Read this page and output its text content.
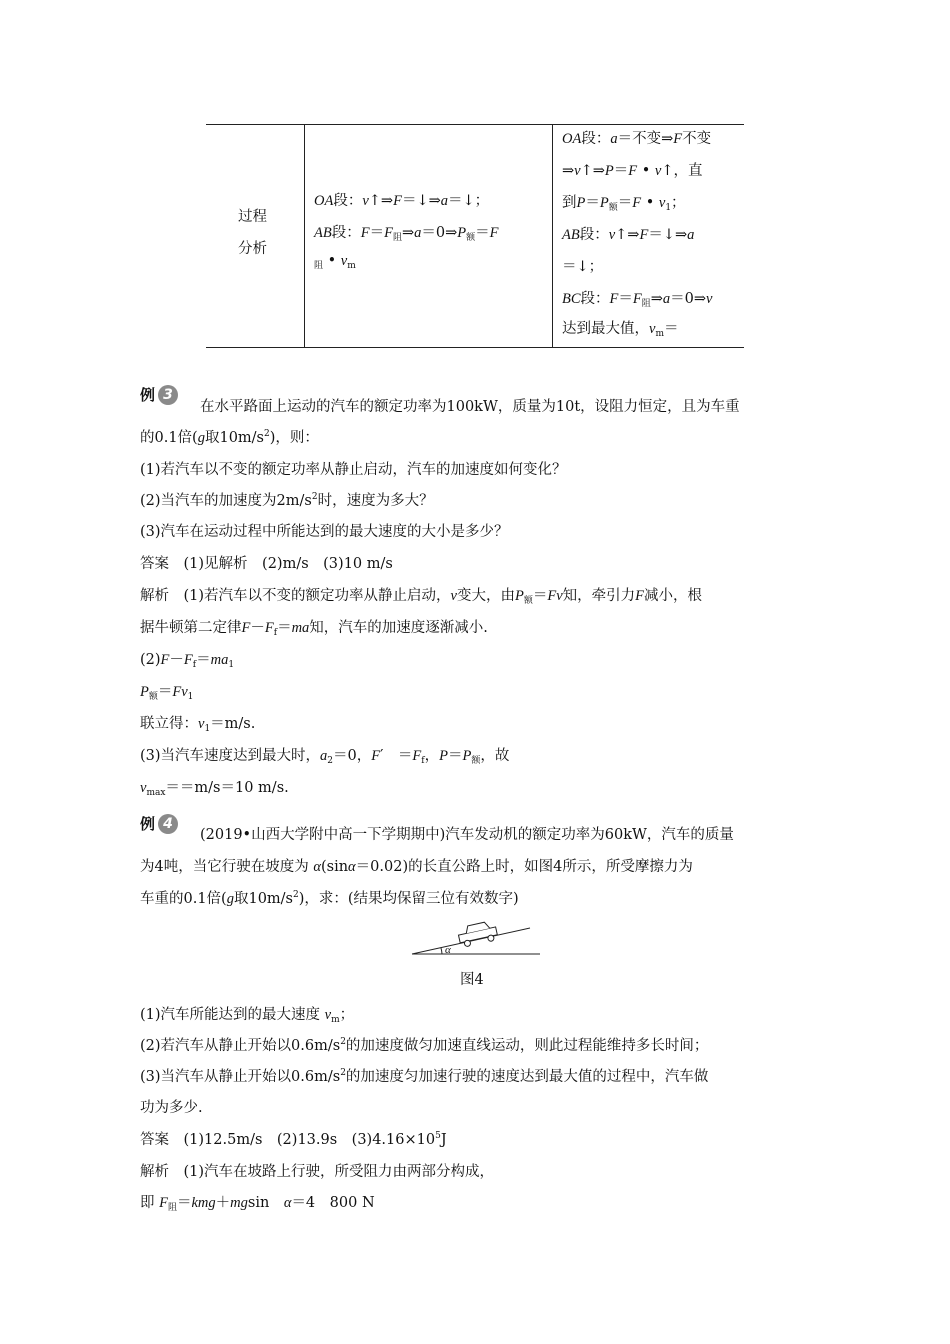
过程
分析
OA段：v↑⇒F＝↓⇒a＝↓；
AB段：$F=F_阻\Rightarrow a=0\Rightarrow P_额=F$
$_阻$ • $v_m$
OA段：a＝不变⇒F不变
⇒v↑⇒P＝F • v↑，直
到$P=P_额=F$ • $v_1$；
AB段：v↑⇒F＝↓⇒a
＝↓；
BC段：$F=F_阻\Rightarrow a=0\Rightarrow v$
达到最大值，$v_m=$
例 3
在水平路面上运动的汽车的额定功率为100kW，质量为10t，设阻力恒定，且为车重
的0.1倍(g取$10m/s^2$)，则：
(1)若汽车以不变的额定功率从静止启动，汽车的加速度如何变化？
(2)当汽车的加速度为$2m/s^2$时，速度为多大？
(3)汽车在运动过程中所能达到的最大速度的大小是多少？
答案　(1)见解析　(2)m/s　(3)10 m/s
解析　(1)若汽车以不变的额定功率从静止启动，v变大，由$P_额=Fv$知，牵引力F减小，根
据牛顿第二定律$F-F_f=ma$知，汽车的加速度逐渐减小.
$(2)F-F_f=ma_1$
$P_额=Fv_1$
联立得：$v_1=m/s$.
(3)当汽车速度达到最大时，$a_2=0$，F′　$=F_f$，$P=P_额$，故
$v_{max}==m/s=10$ m/s.
例 4
(2019•山西大学附中高一下学期期中)汽车发动机的额定功率为60kW，汽车的质量
为4吨，当它行驶在坡度为 α(sinα＝0.02)的长直公路上时，如图4所示，所受摩擦力为
车重的0.1倍(g取$10m/s^2$)，求：(结果均保留三位有效数字)
α
图4
(1)汽车所能达到的最大速度 $v_m$；
(2)若汽车从静止开始以$0.6m/s^2$的加速度做匀加速直线运动，则此过程能维持多长时间；
(3)当汽车从静止开始以$0.6m/s^2$的加速度匀加速行驶的速度达到最大值的过程中，汽车做
功为多少.
答案　(1)12.5m/s　(2)13.9s　$(3)4.16\times 10^5J$
解析　(1)汽车在坡路上行驶，所受阻力由两部分构成，
即 $F_阻=kmg+mgsin$　α＝4　800 N
